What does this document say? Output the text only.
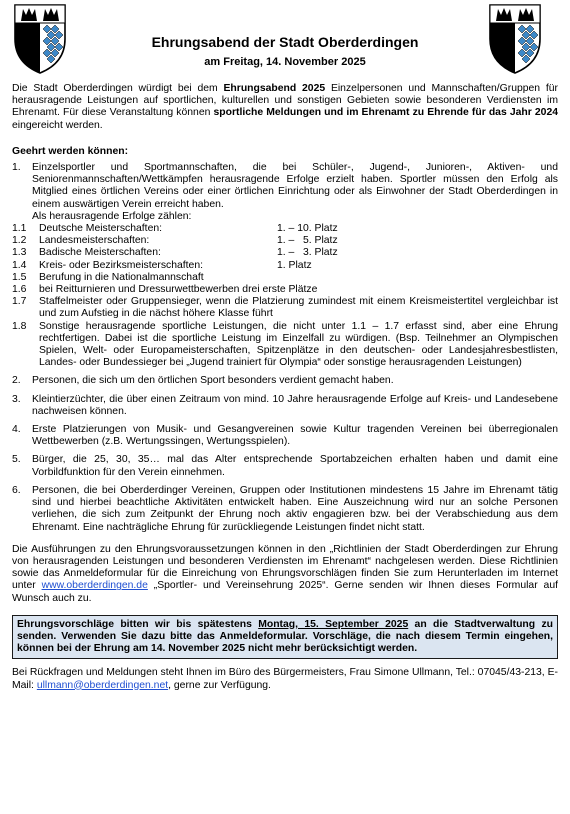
Ehrungsabend der Stadt Oberderdingen
am Freitag, 14. November 2025

Die Stadt Oberderdingen würdigt bei dem Ehrungsabend 2025 Einzelpersonen und Mannschaften/Gruppen für herausragende Leistungen auf sportlichen, kulturellen und sonstigen Gebieten sowie besonderen Verdiensten im Ehrenamt. Für diese Veranstaltung können sportliche Meldungen und im Ehrenamt zu Ehrende für das Jahr 2024 eingereicht werden.

Geehrt werden können:
1.	Einzelsportler und Sportmannschaften, die bei Schüler-, Jugend-, Junioren-, Aktiven- und Seniorenmannschaften/Wettkämpfen herausragende Erfolge erzielt haben. Sportler müssen den Erfolg als Mitglied eines örtlichen Vereins oder einer örtlichen Einrichtung oder als Einwohner der Stadt Oberderdingen in einem auswärtigen Verein erreicht haben.
Als herausragende Erfolge zählen:
1.1	Deutsche Meisterschaften:	1. – 10. Platz
1.2	Landesmeisterschaften:	1. –   5. Platz
1.3	Badische Meisterschaften:	1. –   3. Platz
1.4	Kreis- oder Bezirksmeisterschaften:	1. Platz
1.5	Berufung in die Nationalmannschaft
1.6	bei Reitturnieren und Dressurwettbewerben drei erste Plätze
1.7	Staffelmeister oder Gruppensieger, wenn die Platzierung zumindest mit einem Kreismeistertitel vergleichbar ist und zum Aufstieg in die nächst höhere Klasse führt
1.8	Sonstige herausragende sportliche Leistungen, die nicht unter 1.1 – 1.7 erfasst sind, aber eine Ehrung rechtfertigen. Dabei ist die sportliche Leistung im Einzelfall zu würdigen. (Bsp. Teilnehmer an Olympischen Spielen, Welt- oder Europameisterschaften, Spitzenplätze in den deutschen- oder Landesjahresbestlisten, Landes- oder Bundessieger bei „Jugend trainiert für Olympia“ oder sonstige herausragenden Leistungen)
2.	Personen, die sich um den örtlichen Sport besonders verdient gemacht haben.
3.	Kleintierzüchter, die über einen Zeitraum von mind. 10 Jahre herausragende Erfolge auf Kreis- und Landesebene nachweisen können.
4.	Erste Platzierungen von Musik- und Gesangvereinen sowie Kultur tragenden Vereinen bei überregionalen Wettbewerben (z.B. Wertungssingen, Wertungsspielen).
5.	Bürger, die 25, 30, 35… mal das Alter entsprechende Sportabzeichen erhalten haben und damit eine Vorbildfunktion für den Verein einnehmen.
6.	Personen, die bei Oberderdinger Vereinen, Gruppen oder Institutionen mindestens 15 Jahre im Ehrenamt tätig sind und hierbei beachtliche Aktivitäten entwickelt haben. Eine Auszeichnung wird nur an solche Personen verliehen, die sich zum Zeitpunkt der Ehrung noch aktiv engagieren bzw. bei der Verabschiedung aus dem Ehrenamt. Eine nachträgliche Ehrung für zurückliegende Leistungen findet nicht statt.

Die Ausführungen zu den Ehrungsvoraussetzungen können in den „Richtlinien der Stadt Oberderdingen zur Ehrung von herausragenden Leistungen und besonderen Verdiensten im Ehrenamt“ nachgelesen werden. Diese Richtlinien sowie das Anmeldeformular für die Einreichung von Ehrungsvorschlägen finden Sie zum Herunterladen im Internet unter www.oberderdingen.de „Sportler- und Vereinsehrung 2025“. Gerne senden wir Ihnen dieses Formular auf Wunsch auch zu.

Ehrungsvorschläge bitten wir bis spätestens Montag, 15. September 2025 an die Stadtverwaltung zu senden. Verwenden Sie dazu bitte das Anmeldeformular. Vorschläge, die nach diesem Termin eingehen, können bei der Ehrung am 14. November 2025 nicht mehr berücksichtigt werden.

Bei Rückfragen und Meldungen steht Ihnen im Büro des Bürgermeisters, Frau Simone Ullmann, Tel.: 07045/43-213, E-Mail: ullmann@oberderdingen.net, gerne zur Verfügung.
